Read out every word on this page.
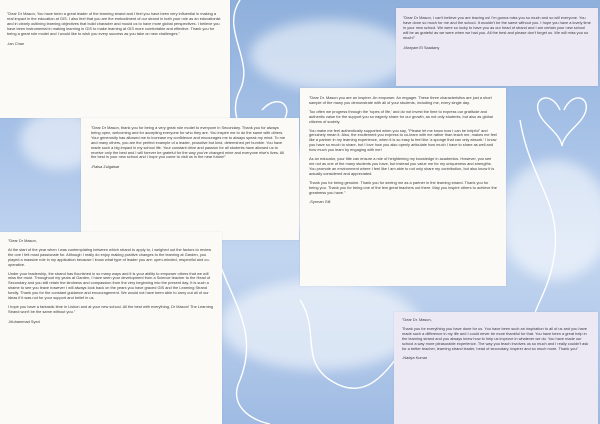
"Dear Dr Mason, You have been a great leader of the learning strand and I feel you have been very influential in making a real impact in the education at GIS. I also feel that you are the embodiment of our strand in both your role as an educationist and in clearly outlining learning objectives that build character and mould us to have more global perspectives. I believe you have been instrumental in making learning in GIS to make learning at GIS more comfortable and effective. Thank you for being a great role model and I would like to wish you every success as you take on new challenges."

-Ian Chan

"Dear Dr Mason, I can't believe you are leaving us! I'm gonna miss you so much and so will everyone. You have done so much for me and the school. It wouldn't be the same without you. I hope you have a lovely time in your new school. We were so lucky to have you as our head of strand and I am certain your new school will be as grateful as we were when we had you. All the best and please don't forget us. We will miss you so much!"

-Maryam El Saadany

"Dear Dr Mason, thank you for being a very great role model to everyone in Secondary. Thank you for always being open, welcoming and for accepting everyone for who they are. You inspire me to do the same with others. Your generosity has allowed me to increase my confidence and encourages me to always speak my mind. To me and many others, you are the perfect example of a leader, proactive but kind, determined yet humble. You have made such a big impact in my school life. Your constant drive and passion for all students have allowed us to receive only the best and I will forever be grateful for the way you've changed mine and everyone else's lives. All the best in your new school and I hope you come to visit us in the near future!"

-Raisa Zulgaisar

"Dear Dr. Mason you are an inspirer. An empower. An engager. These three characteristics are just a short sample of the many you demonstrate with all of your students, including me, every single day.

Too often we progress through the 'ropes of life,' and do not invest the time to express our gratitude and authentic value for the support you so eagerly share for our growth, as not only students, but also as global citizens of society.

You make me feel authentically supported when you say, "Please let me know how I can be helpful" and genuinely mean it. Also, the excitement you express to co-learn with me rather than teach me, makes me feel like a partner in my learning experience, when it is so easy to feel like 'a sponge that can only absorb.' I know you have so much to share, but I love how you also openly articulate how much I have to share as well and how much you learn by engaging with me!

As an educator, your title can ensure a role of heightening my knowledge in academics. However, you see me not as one of the many students you have, but instead you value me for my uniqueness and strengths. You promote an environment where I feel like I am able to not only share my contribution, but also know it is actually considered and appreciated.

Thank you for being genuine. Thank you for seeing me as a partner in the learning strand. Thank you for being you. Thank you for being one of the few great teachers out there. May you inspire others to achieve the greatness you have."

-Syrman Gill

"Dear Dr Mason,

At the start of the year when I was contemplating between which strand to apply to, I weighed out the factors to review the one I felt most passionate for. Although I really do enjoy making positive changes to the learning at Garden, you played a massive role in my application because I know what type of leader you are: open-minded, respectful and co-operative.

Under your leadership, the strand has flourished in so many ways and it is your ability to empower others that we will miss the most. Throughout my years at Garden, I have seen your development from a Science teacher to the Head of Secondary and you still retain the kindness and compassion from the very beginning into the present day. It is such a shame to see you leave however I will always look back on the years you have graced GIS and the Learning Strand fondly. Thank you for the constant guidance and encouragement. We would not have been able to carry out all of our ideas if it was not for your support and belief in us.

I hope you have a fantastic time in Lisbon and at your new school. All the best with everything, Dr Mason! The Learning Strand won't be the same without you."

-Muhammad Syed	"Dear Dr. Mason,

Thank you for everything you have done for us. You have been such an inspiration to all of us and you have made such a difference in my life and I could never be more thankful for that. You have been a great help in the learning strand and you always knew how to help us improve in whatever we do. You have made our school a way more pleasurable experience. The way you teach involves us so much and I really couldn't ask for a better teacher, learning strand leader, head of secondary, inspirer and so much more. Thank you"

-Nadya Kumar
